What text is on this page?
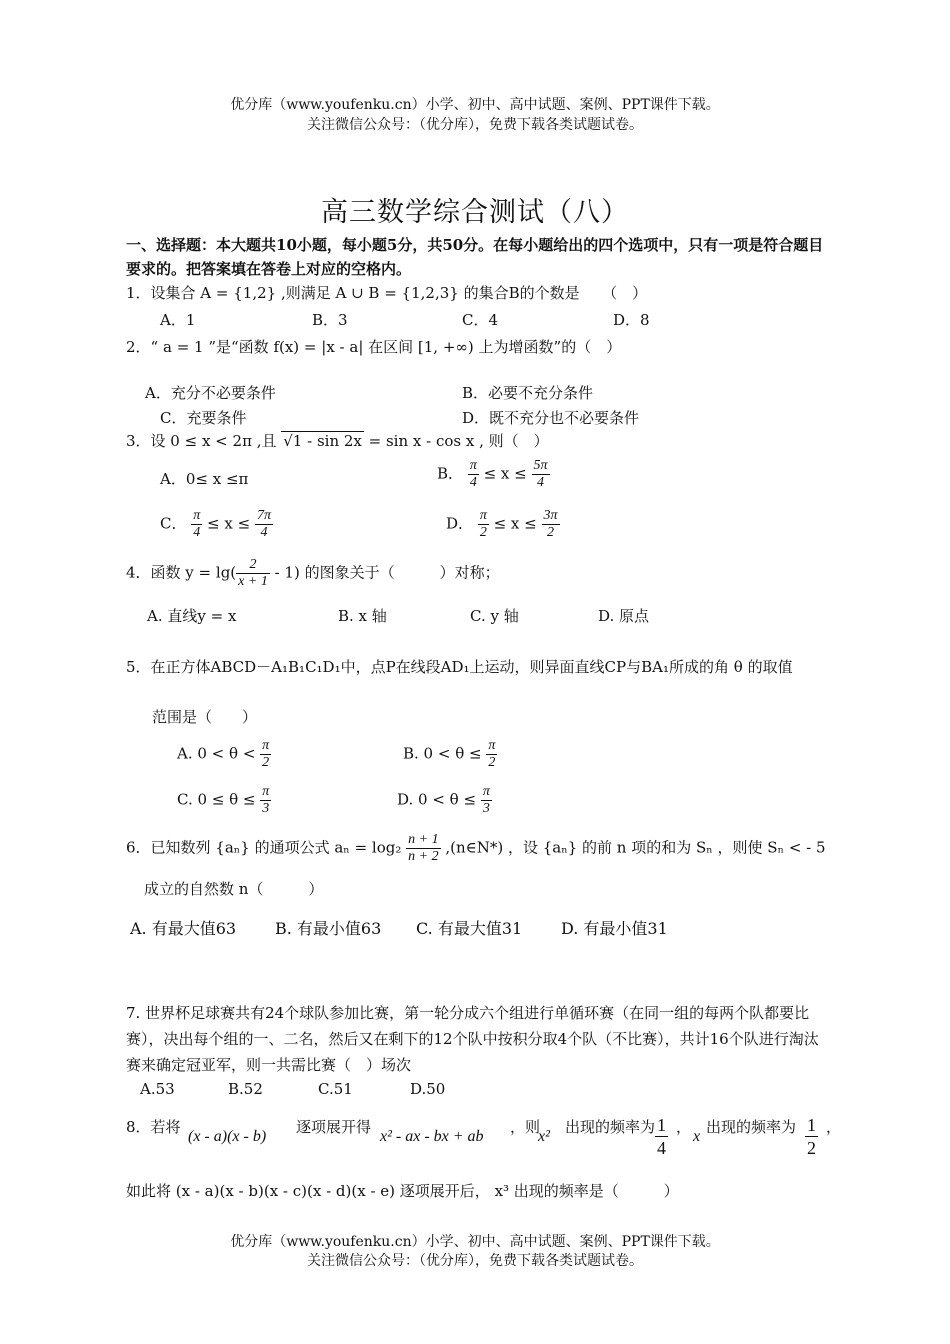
优分库（www.youfenku.cn）小学、初中、高中试题、案例、PPT课件下载。
关注微信公众号：（优分库），免费下载各类试题试卷。
高三数学综合测试（八）
一、选择题：本大题共10小题，每小题5分，共50分。在每小题给出的四个选项中，只有一项是符合题目要求的。把答案填在答卷上对应的空格内。
1．设集合 A = {1,2} ,则满足 A ∪ B = {1,2,3} 的集合B的个数是　　（　）
A．1	B．3	C．4	D．8
2．“ a = 1 ”是“函数 f(x) = |x - a| 在区间 [1, +∞) 上为增函数”的（　）
A．充分不必要条件	B．必要不充分条件
C．充要条件	D．既不充分也不必要条件
3．设 0 ≤ x < 2π ,且 √1 - sin 2x = sin x - cos x , 则（　）
A．0≤ x ≤π	B． $\frac{\pi}{4} \le x \le \frac{5\pi}{4}$
C． $\frac{\pi}{4} \le x \le \frac{7\pi}{4}$	D． $\frac{\pi}{2} \le x \le \frac{3\pi}{2}$
4．函数 $y = \lg( \frac{2}{x + 1} - 1)$ 的图象关于（　　　）对称；
A. 直线y = x	B. x 轴	C. y 轴	D. 原点
5．在正方体ABCD－A₁B₁C₁D₁中，点P在线段AD₁上运动，则异面直线CP与BA₁所成的角 θ 的取值
范围是（　　）
A. $0 < \theta < \frac{\pi}{2}$	B. $0 < \theta \le \frac{\pi}{2}$
C. $0 \le \theta \le \frac{\pi}{3}$	D. $0 < \theta \le \frac{\pi}{3}$
6．已知数列 {aₙ} 的通项公式 $a_n = \log_2 \frac{n + 1}{n + 2}$ ,(n∈N*) ，设 {aₙ} 的前 n 项的和为 Sₙ ，则使 Sₙ < - 5
成立的自然数 n（　　　）
A. 有最大值63 B. 有最小值63 C. 有最大值31 D. 有最小值31
7. 世界杯足球赛共有24个球队参加比赛，第一轮分成六个组进行单循环赛（在同一组的每两个队都要比赛），决出每个组的一、二名，然后又在剩下的12个队中按积分取4个队（不比赛），共计16个队进行淘汰赛来确定冠亚军，则一共需比赛（　）场次
A.53	B.52	C.51	D.50
8．若将
(x - a)(x - b)
逐项展开得
x² - ax - bx + ab
，则
x²
出现的频率为 $\frac{1}{4}$ ，
x
出现的频率为 $\frac{1}{2}$ ，
如此将 (x - a)(x - b)(x - c)(x - d)(x - e) 逐项展开后， x³ 出现的频率是（　　　）
优分库（www.youfenku.cn）小学、初中、高中试题、案例、PPT课件下载。
关注微信公众号：（优分库），免费下载各类试题试卷。
